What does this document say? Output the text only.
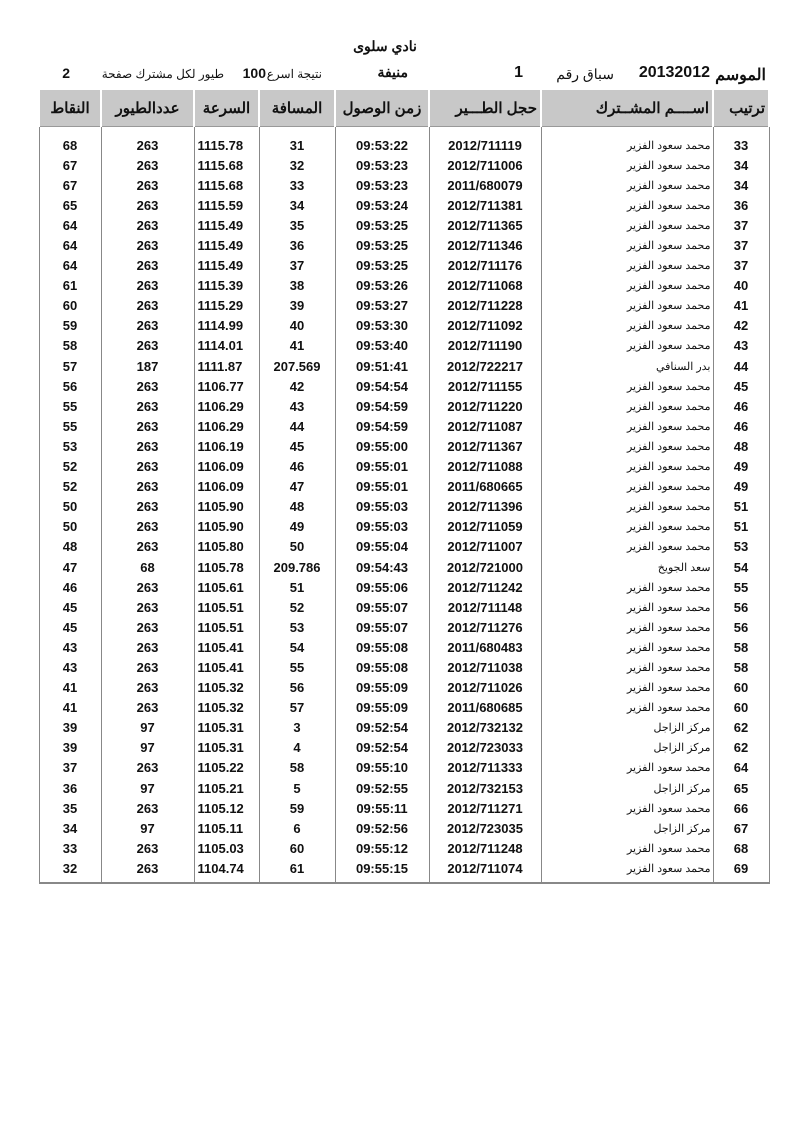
نادي سلوى
الموسم
20132012
سباق رقم
1
منيفة
نتيجة اسرع
100
طيور لكل مشترك صفحة
2
ترتيب	اســــم المشــترك	حجل الطـــير	زمن الوصول	المسافة	السرعة	عددالطيور	النقاط
33	محمد سعود الفزير	2012/711119	09:53:22	31	1115.78	263	68
34	محمد سعود الفزير	2012/711006	09:53:23	32	1115.68	263	67
34	محمد سعود الفزير	2011/680079	09:53:23	33	1115.68	263	67
36	محمد سعود الفزير	2012/711381	09:53:24	34	1115.59	263	65
37	محمد سعود الفزير	2012/711365	09:53:25	35	1115.49	263	64
37	محمد سعود الفزير	2012/711346	09:53:25	36	1115.49	263	64
37	محمد سعود الفزير	2012/711176	09:53:25	37	1115.49	263	64
40	محمد سعود الفزير	2012/711068	09:53:26	38	1115.39	263	61
41	محمد سعود الفزير	2012/711228	09:53:27	39	1115.29	263	60
42	محمد سعود الفزير	2012/711092	09:53:30	40	1114.99	263	59
43	محمد سعود الفزير	2012/711190	09:53:40	41	1114.01	263	58
44	بدر السنافي	2012/722217	09:51:41	207.569	1111.87	187	57
45	محمد سعود الفزير	2012/711155	09:54:54	42	1106.77	263	56
46	محمد سعود الفزير	2012/711220	09:54:59	43	1106.29	263	55
46	محمد سعود الفزير	2012/711087	09:54:59	44	1106.29	263	55
48	محمد سعود الفزير	2012/711367	09:55:00	45	1106.19	263	53
49	محمد سعود الفزير	2012/711088	09:55:01	46	1106.09	263	52
49	محمد سعود الفزير	2011/680665	09:55:01	47	1106.09	263	52
51	محمد سعود الفزير	2012/711396	09:55:03	48	1105.90	263	50
51	محمد سعود الفزير	2012/711059	09:55:03	49	1105.90	263	50
53	محمد سعود الفزير	2012/711007	09:55:04	50	1105.80	263	48
54	سعد الجويخ	2012/721000	09:54:43	209.786	1105.78	68	47
55	محمد سعود الفزير	2012/711242	09:55:06	51	1105.61	263	46
56	محمد سعود الفزير	2012/711148	09:55:07	52	1105.51	263	45
56	محمد سعود الفزير	2012/711276	09:55:07	53	1105.51	263	45
58	محمد سعود الفزير	2011/680483	09:55:08	54	1105.41	263	43
58	محمد سعود الفزير	2012/711038	09:55:08	55	1105.41	263	43
60	محمد سعود الفزير	2012/711026	09:55:09	56	1105.32	263	41
60	محمد سعود الفزير	2011/680685	09:55:09	57	1105.32	263	41
62	مركز الزاجل	2012/732132	09:52:54	3	1105.31	97	39
62	مركز الزاجل	2012/723033	09:52:54	4	1105.31	97	39
64	محمد سعود الفزير	2012/711333	09:55:10	58	1105.22	263	37
65	مركز الزاجل	2012/732153	09:52:55	5	1105.21	97	36
66	محمد سعود الفزير	2012/711271	09:55:11	59	1105.12	263	35
67	مركز الزاجل	2012/723035	09:52:56	6	1105.11	97	34
68	محمد سعود الفزير	2012/711248	09:55:12	60	1105.03	263	33
69	محمد سعود الفزير	2012/711074	09:55:15	61	1104.74	263	32
